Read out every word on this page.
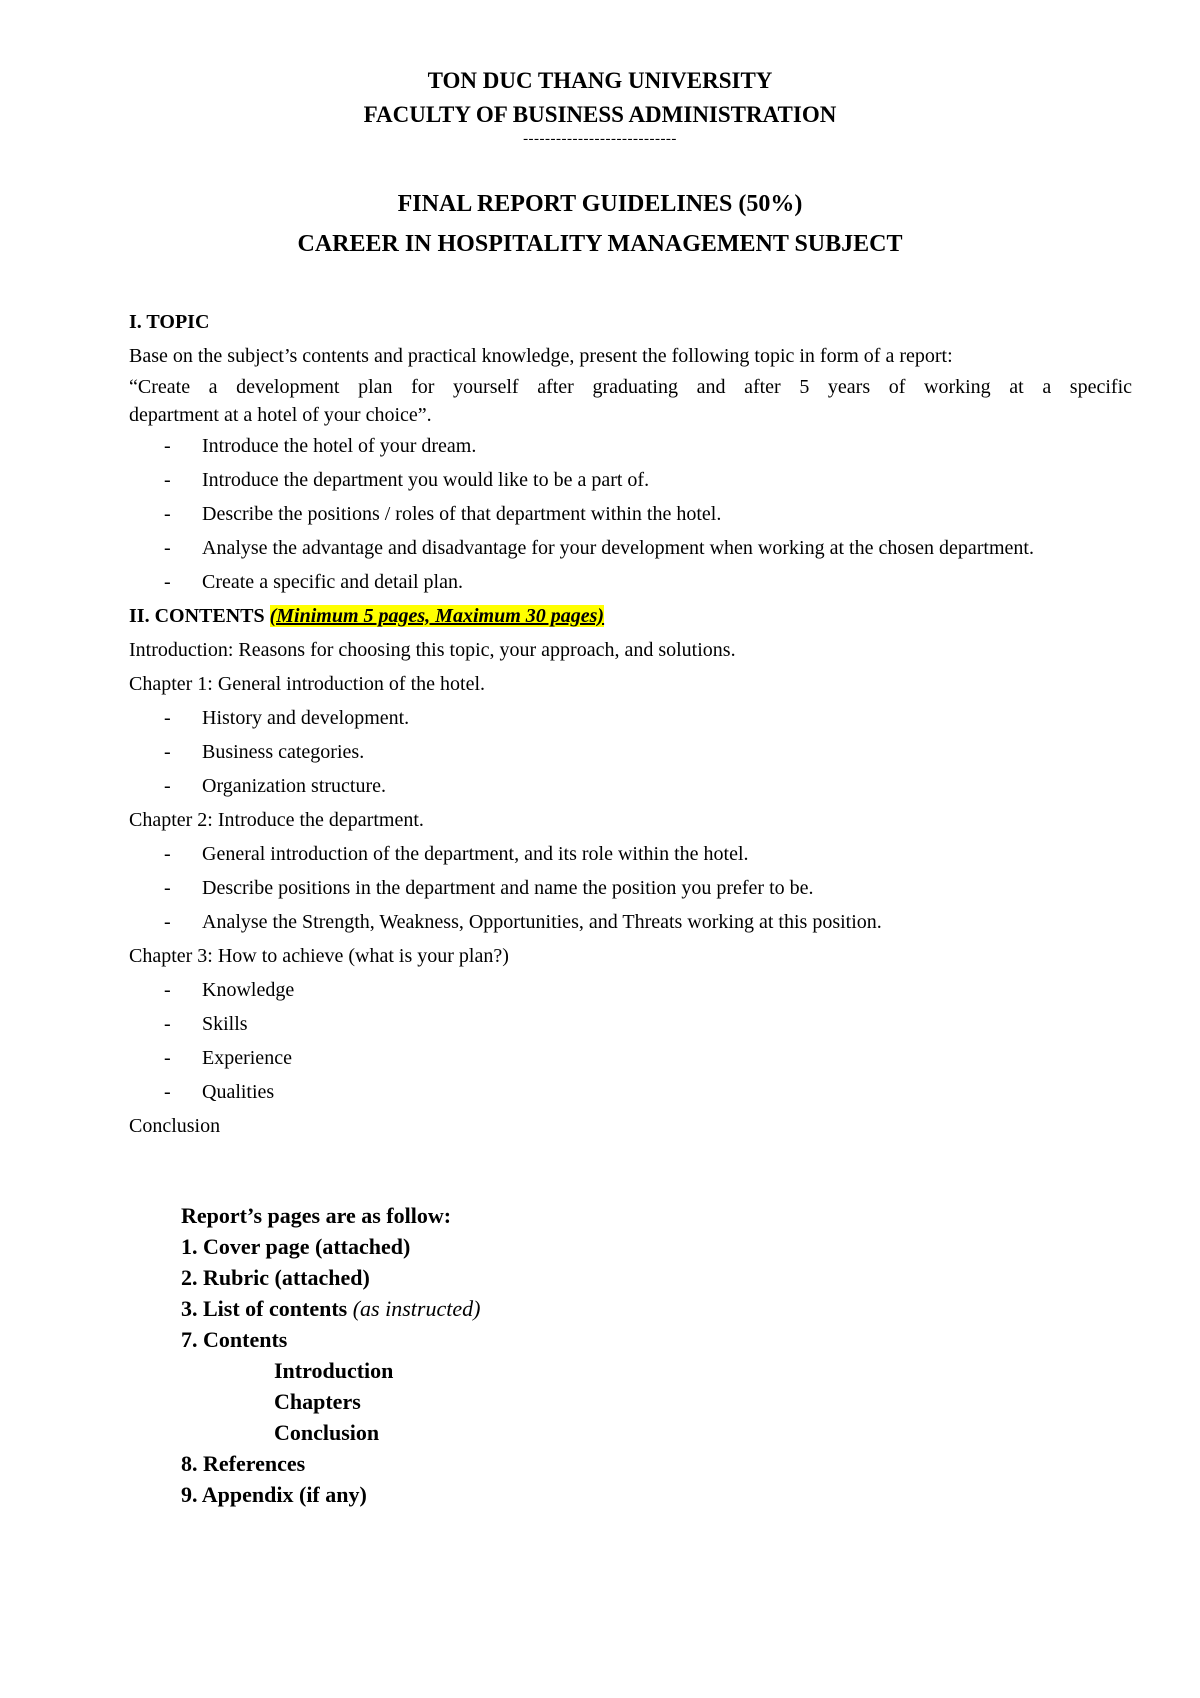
TON DUC THANG UNIVERSITY
FACULTY OF BUSINESS ADMINISTRATION
----------------------------
FINAL REPORT GUIDELINES (50%)
CAREER IN HOSPITALITY MANAGEMENT SUBJECT

I. TOPIC

Base on the subject’s contents and practical knowledge, present the following topic in form of a report:

“Create a development plan for yourself after graduating and after 5 years of working at a specific

department at a hotel of your choice”.

- Introduce the hotel of your dream.
- Introduce the department you would like to be a part of.
- Describe the positions / roles of that department within the hotel.
- Analyse the advantage and disadvantage for your development when working at the chosen department.
- Create a specific and detail plan.

II. CONTENTS (Minimum 5 pages, Maximum 30 pages)

Introduction: Reasons for choosing this topic, your approach, and solutions.

Chapter 1: General introduction of the hotel.

- History and development.
- Business categories.
- Organization structure.

Chapter 2: Introduce the department.

- General introduction of the department, and its role within the hotel.
- Describe positions in the department and name the position you prefer to be.
- Analyse the Strength, Weakness, Opportunities, and Threats working at this position.

Chapter 3: How to achieve (what is your plan?)

- Knowledge
- Skills
- Experience
- Qualities

Conclusion

Report’s pages are as follow:
1. Cover page (attached)
2. Rubric (attached)
3. List of contents (as instructed)
7. Contents
Introduction
Chapters
Conclusion
8. References
9. Appendix (if any)
